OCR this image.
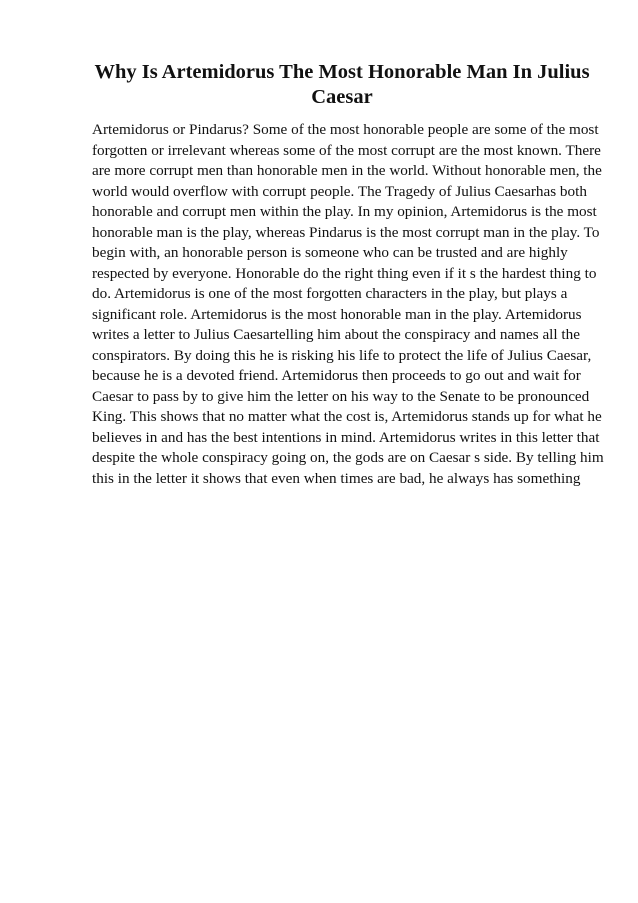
Why Is Artemidorus The Most Honorable Man In Julius Caesar
Artemidorus or Pindarus? Some of the most honorable people are some of the most
forgotten or irrelevant whereas some of the most corrupt are the most known. There
are more corrupt men than honorable men in the world. Without honorable men, the
world would overflow with corrupt people. The Tragedy of Julius Caesarhas both
honorable and corrupt men within the play. In my opinion, Artemidorus is the most
honorable man is the play, whereas Pindarus is the most corrupt man in the play. To
begin with, an honorable person is someone who can be trusted and are highly
respected by everyone. Honorable do the right thing even if it s the hardest thing to
do. Artemidorus is one of the most forgotten characters in the play, but plays a
significant role. Artemidorus is the most honorable man in the play. Artemidorus
writes a letter to Julius Caesartelling him about the conspiracy and names all the
conspirators. By doing this he is risking his life to protect the life of Julius Caesar,
because he is a devoted friend. Artemidorus then proceeds to go out and wait for
Caesar to pass by to give him the letter on his way to the Senate to be pronounced
King. This shows that no matter what the cost is, Artemidorus stands up for what he
believes in and has the best intentions in mind. Artemidorus writes in this letter that
despite the whole conspiracy going on, the gods are on Caesar s side. By telling him
this in the letter it shows that even when times are bad, he always has something
